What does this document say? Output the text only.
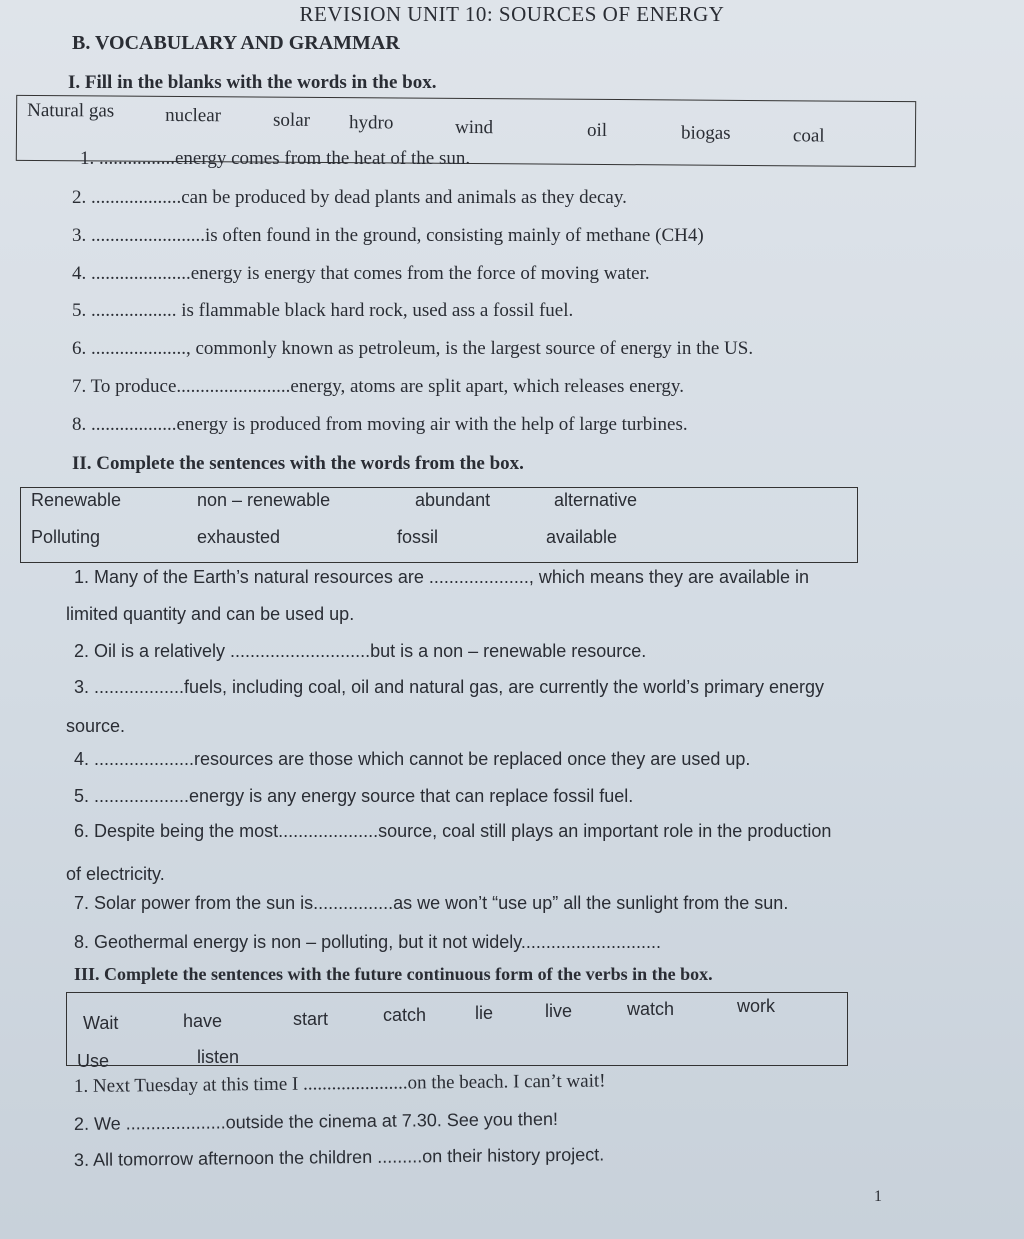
REVISION UNIT 10: SOURCES OF ENERGY
B. VOCABULARY AND GRAMMAR
I. Fill in the blanks with the words in the box.
Natural gas	nuclear	solar hydro	wind	oil	biogas	coal
1. ................energy comes from the heat of the sun.
2. ...................can be produced by dead plants and animals as they decay.
3. ........................is often found in the ground, consisting mainly of methane (CH4)
4. .....................energy is energy that comes from the force of moving water.
5. .................. is flammable black hard rock, used ass a fossil fuel.
6. ...................., commonly known as petroleum, is the largest source of energy in the US.
7. To produce........................energy, atoms are split apart, which releases energy.
8. ..................energy is produced from moving air with the help of large turbines.
II. Complete the sentences with the words from the box.
Renewable	non – renewable	abundant	alternative
Polluting	exhausted	fossil	available
1. Many of the Earth’s natural resources are ...................., which means they are available in
limited quantity and can be used up.
2. Oil is a relatively ............................but is a non – renewable resource.
3. ..................fuels, including coal, oil and natural gas, are currently the world’s primary energy
source.
4. ....................resources are those which cannot be replaced once they are used up.
5. ...................energy is any energy source that can replace fossil fuel.
6. Despite being the most....................source, coal still plays an important role in the production
of electricity.
7. Solar power from the sun is................as we won’t “use up” all the sunlight from the sun.
8. Geothermal energy is non – polluting, but it not widely............................
III. Complete the sentences with the future continuous form of the verbs in the box.
Wait	have	start	catch	lie	live	watch	work
Use	listen
1. Next Tuesday at this time I ......................on the beach. I can’t wait!
2. We ....................outside the cinema at 7.30. See you then!
3. All tomorrow afternoon the children .........on their history project.
1
